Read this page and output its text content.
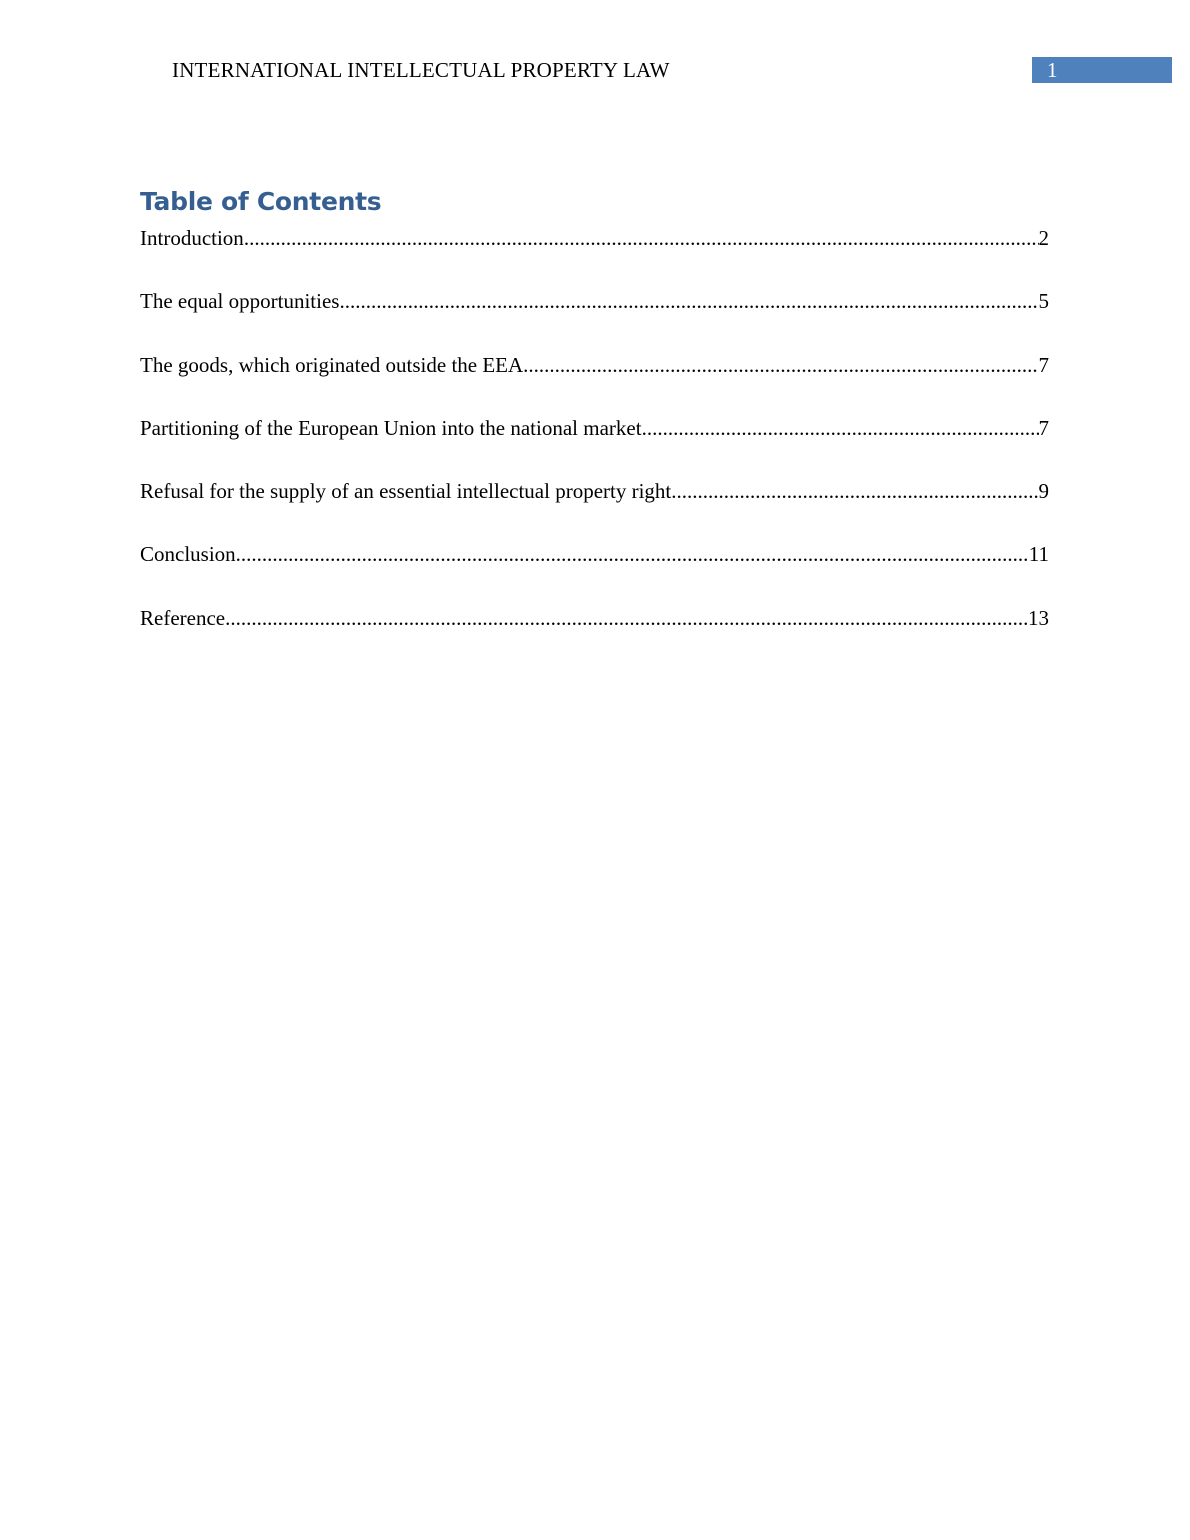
INTERNATIONAL INTELLECTUAL PROPERTY LAW	1
Table of Contents
Introduction .....	2
The equal opportunities .....	5
The goods, which originated outside the EEA .....	7
Partitioning of the European Union into the national market .....	7
Refusal for the supply of an essential intellectual property right .....	9
Conclusion .....	11
Reference .....	13
